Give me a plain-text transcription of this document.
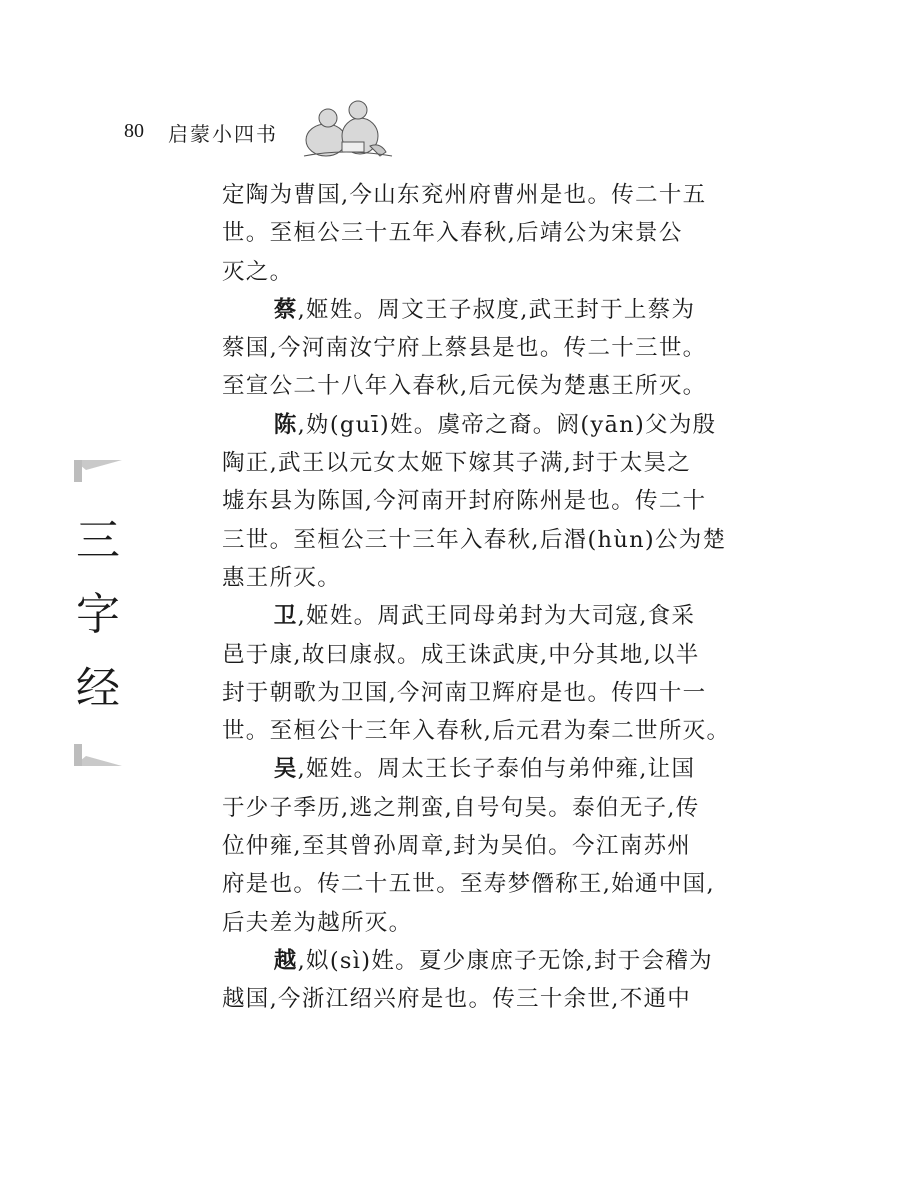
80 启蒙小四书
三
字
经
定陶为曹国,今山东兖州府曹州是也。传二十五
世。至桓公三十五年入春秋,后靖公为宋景公
灭之。
蔡,姬姓。周文王子叔度,武王封于上蔡为
蔡国,今河南汝宁府上蔡县是也。传二十三世。
至宣公二十八年入春秋,后元侯为楚惠王所灭。
陈,妫(guī)姓。虞帝之裔。阏(yān)父为殷
陶正,武王以元女太姬下嫁其子满,封于太昊之
墟东县为陈国,今河南开封府陈州是也。传二十
三世。至桓公三十三年入春秋,后湣(hùn)公为楚
惠王所灭。
卫,姬姓。周武王同母弟封为大司寇,食采
邑于康,故曰康叔。成王诛武庚,中分其地,以半
封于朝歌为卫国,今河南卫辉府是也。传四十一
世。至桓公十三年入春秋,后元君为秦二世所灭。
吴,姬姓。周太王长子泰伯与弟仲雍,让国
于少子季历,逃之荆蛮,自号句吴。泰伯无子,传
位仲雍,至其曾孙周章,封为吴伯。今江南苏州
府是也。传二十五世。至寿梦僭称王,始通中国,
后夫差为越所灭。
越,姒(sì)姓。夏少康庶子无馀,封于会稽为
越国,今浙江绍兴府是也。传三十余世,不通中
